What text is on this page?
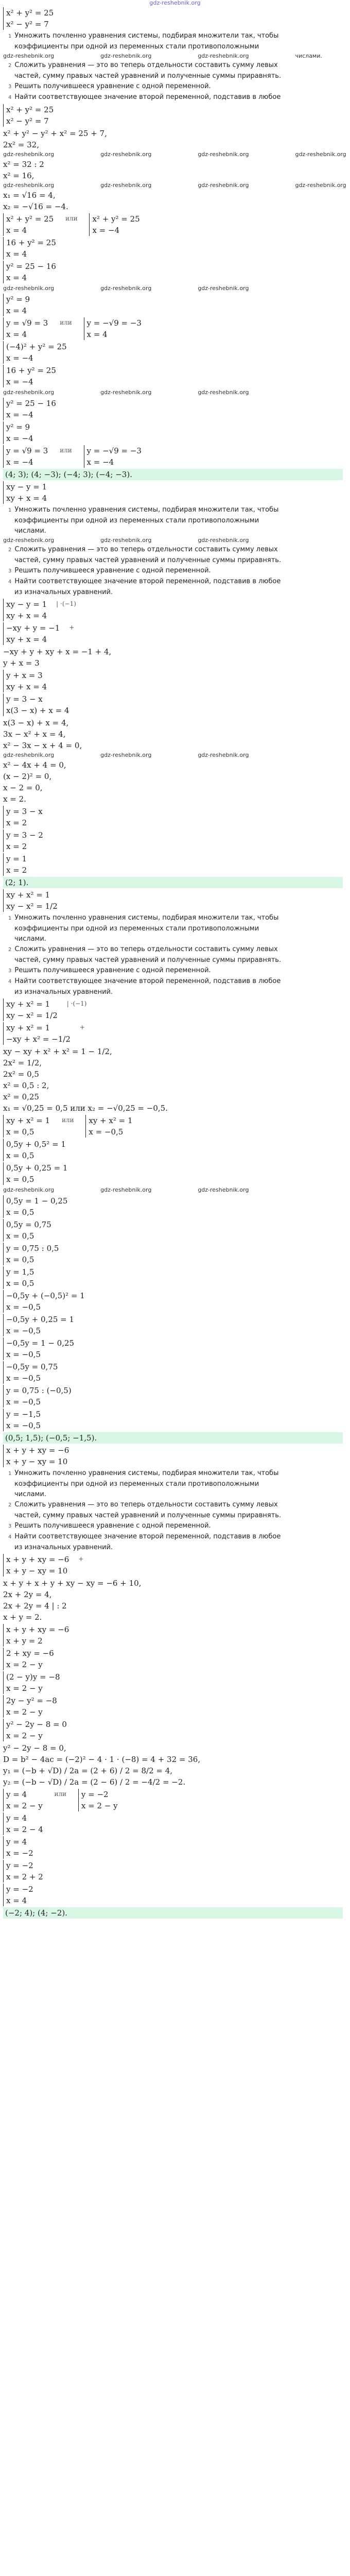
gdz-reshebnik.org
x² + y² = 25
x² − y² = 7
1 Умножить почленно уравнения системы, подбирая множители так, чтобы
коэффициенты при одной из переменных стали противоположными
gdz-reshebnik.org	gdz-reshebnik.org	gdz-reshebnik.org	числами.
2 Сложить уравнения — это во теперь отдельности составить сумму левых
частей, сумму правых частей уравнений и полученные суммы приравнять.
3 Решить получившееся уравнение с одной переменной.
4 Найти соответствующее значение второй переменной, подставив в любое
x² + y² = 25
x² − y² = 7
x² + y² − y² + x² = 25 + 7,
2x² = 32,
gdz-reshebnik.org	gdz-reshebnik.org	gdz-reshebnik.org	gdz-reshebnik.org
x² = 32 : 2
x² = 16,
gdz-reshebnik.org	gdz-reshebnik.org	gdz-reshebnik.org	gdz-reshebnik.org
x₁ = √16 = 4,
x₂ = −√16 = −4.
x² + y² = 25
x = 4
или x² + y² = 25
x = −4
16 + y² = 25
x = 4
y² = 25 − 16
x = 4
gdz-reshebnik.org	gdz-reshebnik.org	gdz-reshebnik.org
y² = 9
x = 4
y = √9 = 3
x = 4
или y = −√9 = −3
x = 4
(−4)² + y² = 25
x = −4
16 + y² = 25
x = −4
gdz-reshebnik.org	gdz-reshebnik.org	gdz-reshebnik.org
y² = 25 − 16
x = −4
y² = 9
x = −4
y = √9 = 3
x = −4
или y = −√9 = −3
x = −4
(4; 3); (4; −3); (−4; 3); (−4; −3).
xy − y = 1
xy + x = 4
1 Умножить почленно уравнения системы, подбирая множители так, чтобы
коэффициенты при одной из переменных стали противоположными
числами.
gdz-reshebnik.org	gdz-reshebnik.org	gdz-reshebnik.org
2 Сложить уравнения — это во теперь отдельности составить сумму левых
частей, сумму правых частей уравнений и полученные суммы приравнять.
3 Решить получившееся уравнение с одной переменной.
4 Найти соответствующее значение второй переменной, подставив в любое
из изначальных уравнений.
xy − y = 1
xy + x = 4
| ·(−1)
−xy + y = −1
xy + x = 4
+
−xy + y + xy + x = −1 + 4,
y + x = 3
y + x = 3
xy + x = 4
y = 3 − x
x(3 − x) + x = 4
x(3 − x) + x = 4,
3x − x² + x = 4,
x² − 3x − x + 4 = 0,
gdz-reshebnik.org	gdz-reshebnik.org	gdz-reshebnik.org
x² − 4x + 4 = 0,
(x − 2)² = 0,
x − 2 = 0,
x = 2.
y = 3 − x
x = 2
y = 3 − 2
x = 2
y = 1
x = 2
(2; 1).
xy + x² = 1
xy − x² = 1/2
1 Умножить почленно уравнения системы, подбирая множители так, чтобы
коэффициенты при одной из переменных стали противоположными
числами.
2 Сложить уравнения — это во теперь отдельности составить сумму левых
частей, сумму правых частей уравнений и полученные суммы приравнять.
3 Решить получившееся уравнение с одной переменной.
4 Найти соответствующее значение второй переменной, подставив в любое
из изначальных уравнений.
xy + x² = 1
xy − x² = 1/2
| ·(−1)
xy + x² = 1
−xy + x² = −1/2
+
xy − xy + x² + x² = 1 − 1/2,
2x² = 1/2,
2x² = 0,5
x² = 0,5 : 2,
x² = 0,25
x₁ = √0,25 = 0,5 или x₂ = −√0,25 = −0,5.
xy + x² = 1
x = 0,5
или xy + x² = 1
x = −0,5
0,5y + 0,5² = 1
x = 0,5
0,5y + 0,25 = 1
x = 0,5
gdz-reshebnik.org	gdz-reshebnik.org	gdz-reshebnik.org
0,5y = 1 − 0,25
x = 0,5
0,5y = 0,75
x = 0,5
y = 0,75 : 0,5
x = 0,5
y = 1,5
x = 0,5
−0,5y + (−0,5)² = 1
x = −0,5
−0,5y + 0,25 = 1
x = −0,5
−0,5y = 1 − 0,25
x = −0,5
−0,5y = 0,75
x = −0,5
y = 0,75 : (−0,5)
x = −0,5
y = −1,5
x = −0,5
(0,5; 1,5); (−0,5; −1,5).
x + y + xy = −6
x + y − xy = 10
1 Умножить почленно уравнения системы, подбирая множители так, чтобы
коэффициенты при одной из переменных стали противоположными
числами.
2 Сложить уравнения — это во теперь отдельности составить сумму левых
частей, сумму правых частей уравнений и полученные суммы приравнять.
3 Решить получившееся уравнение с одной переменной.
4 Найти соответствующее значение второй переменной, подставив в любое
из изначальных уравнений.
x + y + xy = −6
x + y − xy = 10
+
x + y + x + y + xy − xy = −6 + 10,
2x + 2y = 4,
2x + 2y = 4 | : 2
x + y = 2.
x + y + xy = −6
x + y = 2
2 + xy = −6
x = 2 − y
(2 − y)y = −8
x = 2 − y
2y − y² = −8
x = 2 − y
y² − 2y − 8 = 0
x = 2 − y
y² − 2y − 8 = 0,
D = b² − 4ac = (−2)² − 4 · 1 · (−8) = 4 + 32 = 36,
y₁ = (−b + √D) / 2a = (2 + 6) / 2 = 8/2 = 4,
y₂ = (−b − √D) / 2a = (2 − 6) / 2 = −4/2 = −2.
y = 4
x = 2 − y
или y = −2
x = 2 − y
y = 4
x = 2 − 4
y = 4
x = −2
y = −2
x = 2 + 2
y = −2
x = 4
(−2; 4); (4; −2).
